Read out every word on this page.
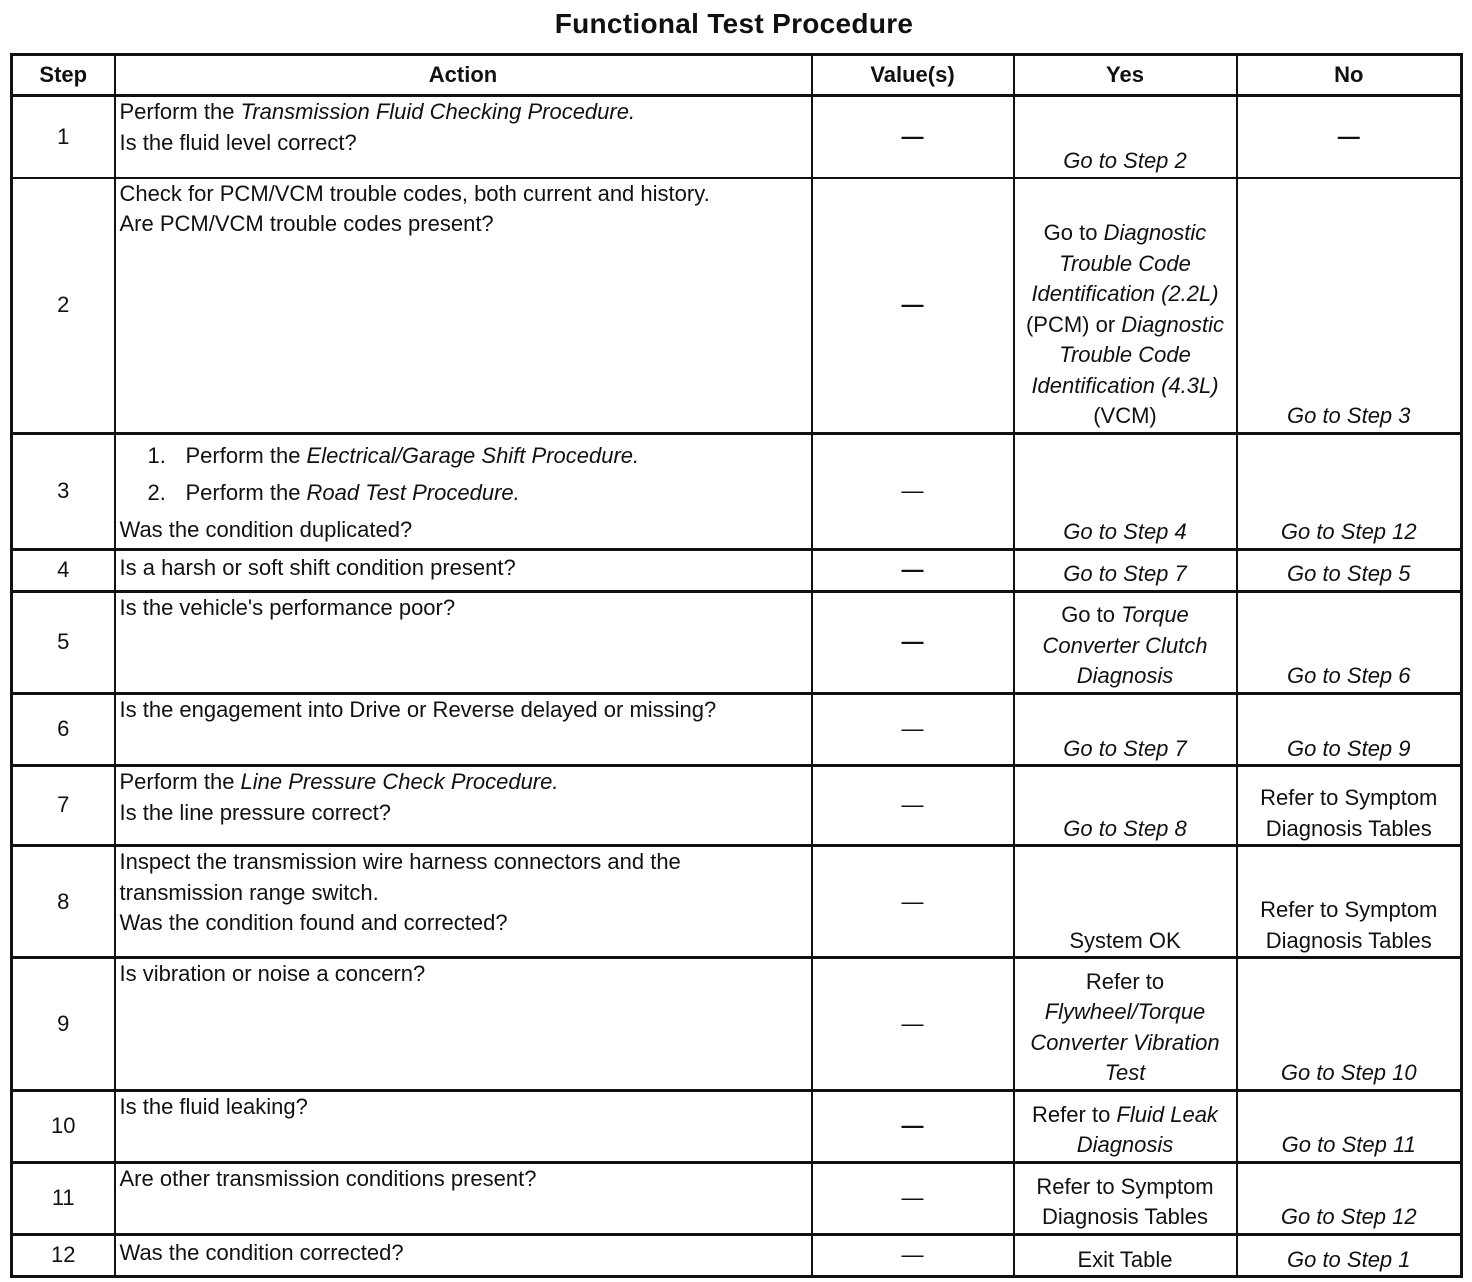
Functional Test Procedure
Step	Action	Value(s)	Yes	No
1	Perform the Transmission Fluid Checking Procedure.
Is the fluid level correct?	—	Go to Step 2	—
2	Check for PCM/VCM trouble codes, both current and history.
Are PCM/VCM trouble codes present?	—	Go to Diagnostic Trouble Code Identification (2.2L) (PCM) or Diagnostic Trouble Code Identification (4.3L) (VCM)	Go to Step 3
3	1. Perform the Electrical/Garage Shift Procedure.
2. Perform the Road Test Procedure.
Was the condition duplicated?	—	Go to Step 4	Go to Step 12
4	Is a harsh or soft shift condition present?	—	Go to Step 7	Go to Step 5
5	Is the vehicle's performance poor?	—	Go to Torque Converter Clutch Diagnosis	Go to Step 6
6	Is the engagement into Drive or Reverse delayed or missing?	—	Go to Step 7	Go to Step 9
7	Perform the Line Pressure Check Procedure.
Is the line pressure correct?	—	Go to Step 8	Refer to Symptom Diagnosis Tables
8	Inspect the transmission wire harness connectors and the transmission range switch.
Was the condition found and corrected?	—	System OK	Refer to Symptom Diagnosis Tables
9	Is vibration or noise a concern?	—	Refer to Flywheel/Torque Converter Vibration Test	Go to Step 10
10	Is the fluid leaking?	—	Refer to Fluid Leak Diagnosis	Go to Step 11
11	Are other transmission conditions present?	—	Refer to Symptom Diagnosis Tables	Go to Step 12
12	Was the condition corrected?	—	Exit Table	Go to Step 1
